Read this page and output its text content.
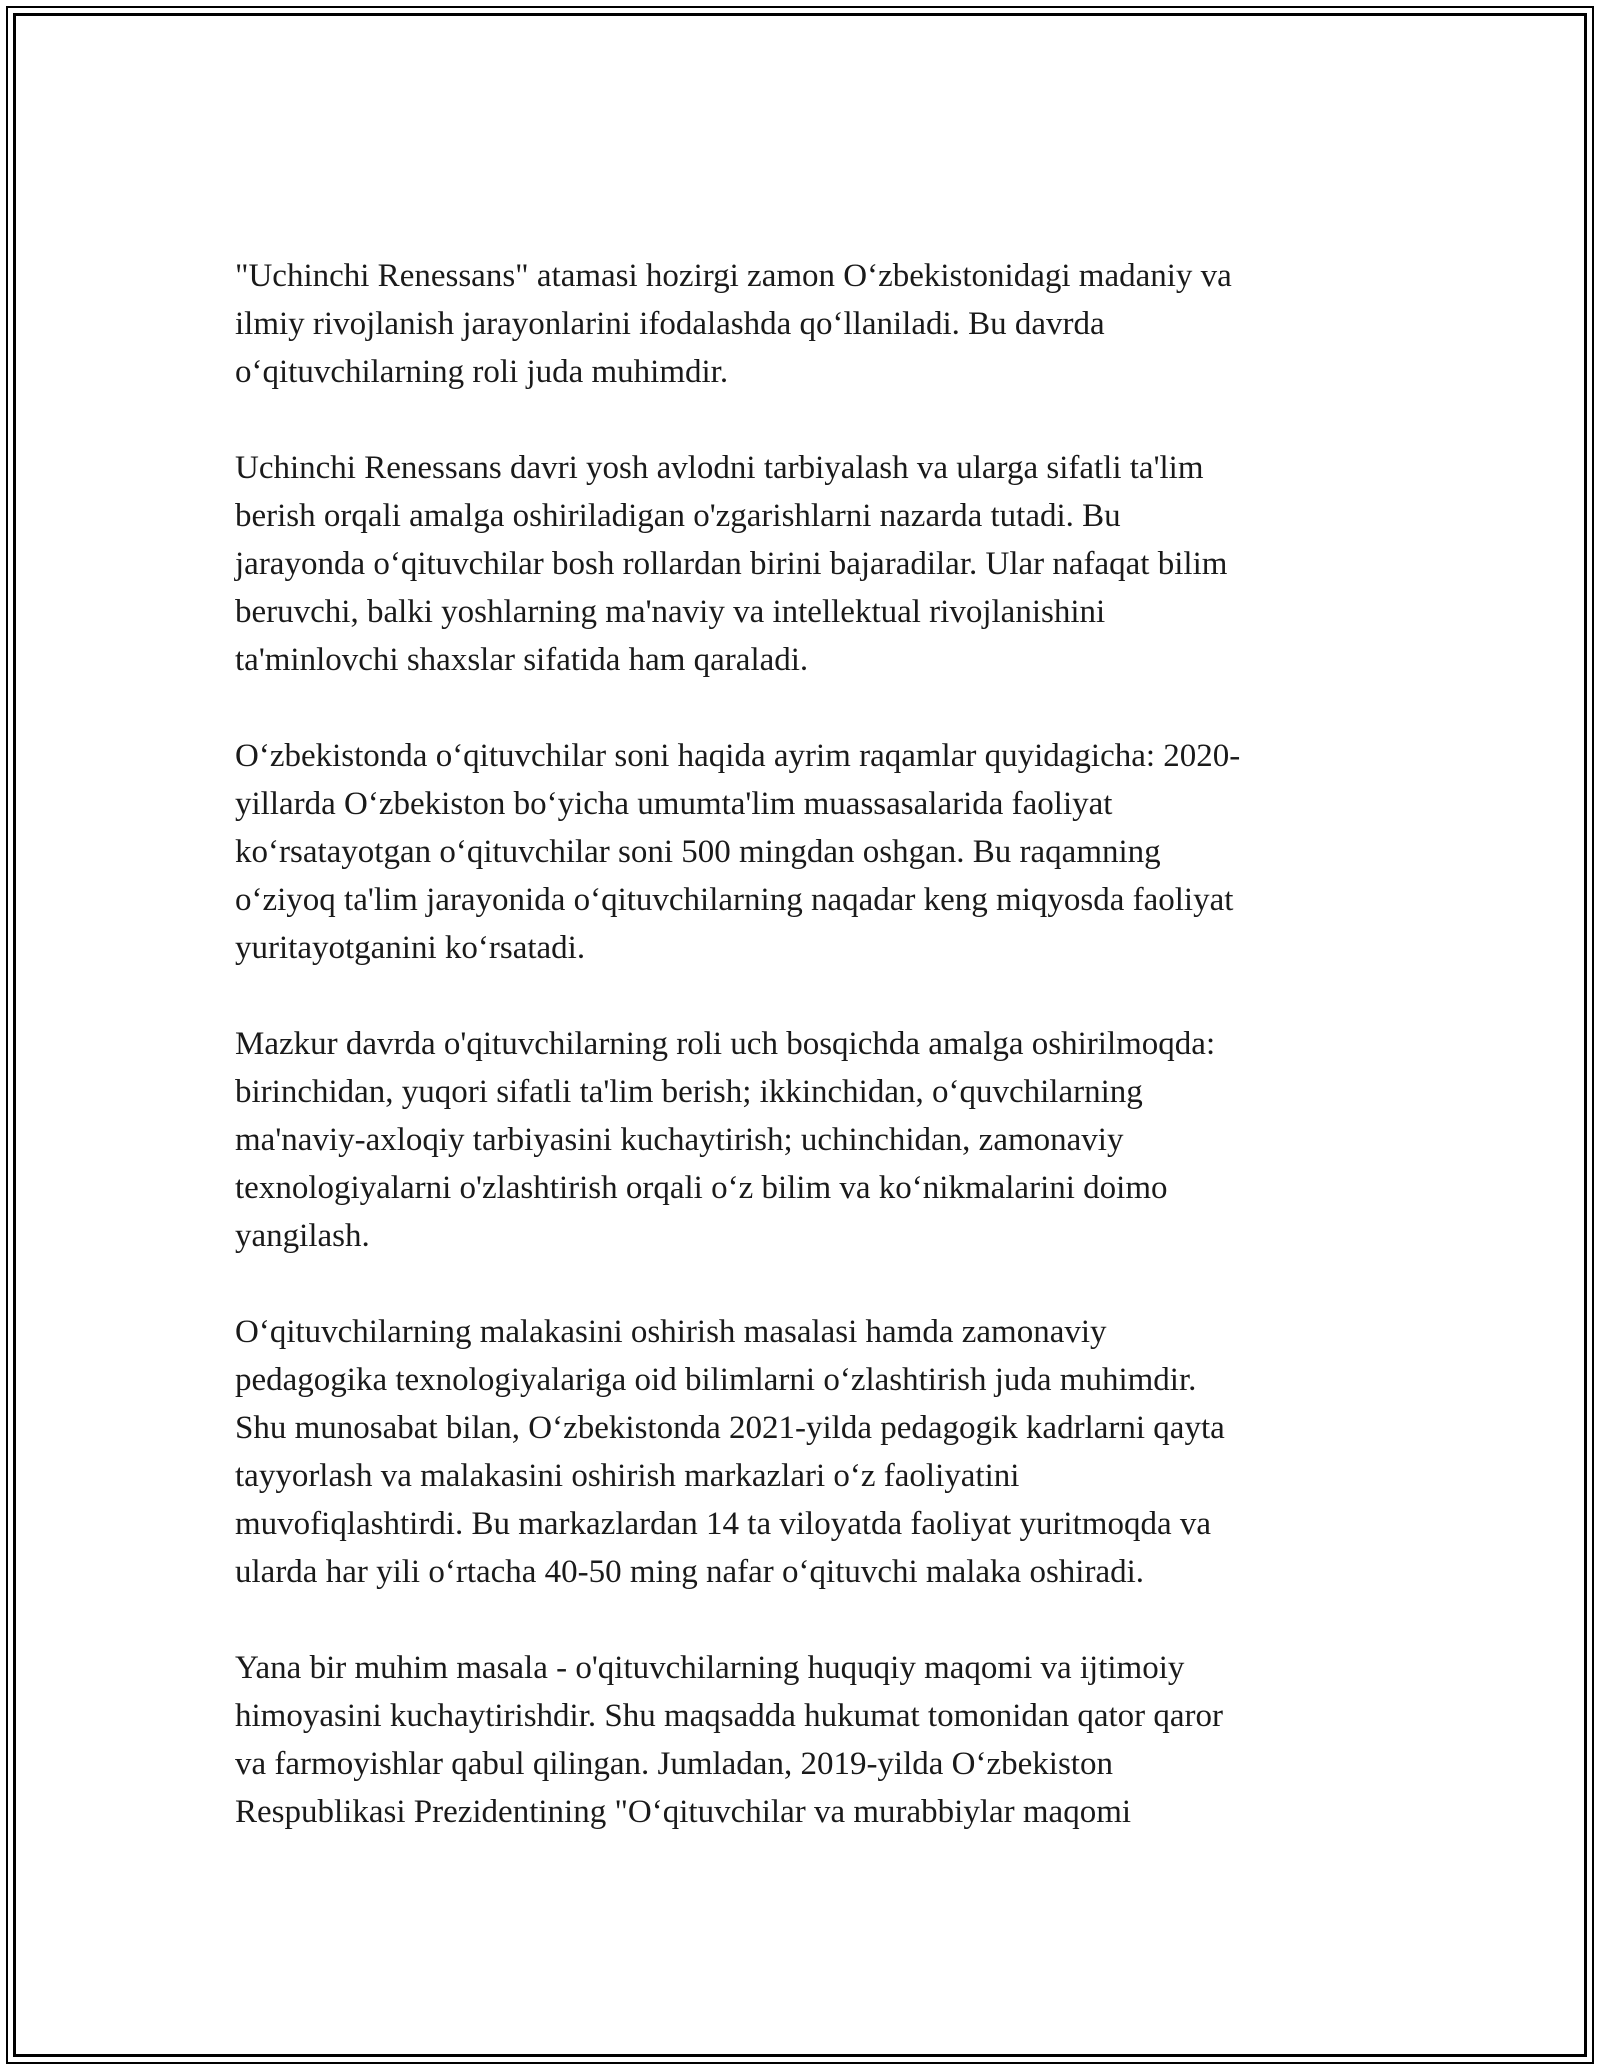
"Uchinchi Renessans" atamasi hozirgi zamon O‘zbekistonidagi madaniy va
ilmiy rivojlanish jarayonlarini ifodalashda qo‘llaniladi. Bu davrda
o‘qituvchilarning roli juda muhimdir.

Uchinchi Renessans davri yosh avlodni tarbiyalash va ularga sifatli ta'lim
berish orqali amalga oshiriladigan o'zgarishlarni nazarda tutadi. Bu
jarayonda o‘qituvchilar bosh rollardan birini bajaradilar. Ular nafaqat bilim
beruvchi, balki yoshlarning ma'naviy va intellektual rivojlanishini
ta'minlovchi shaxslar sifatida ham qaraladi.

O‘zbekistonda o‘qituvchilar soni haqida ayrim raqamlar quyidagicha: 2020-
yillarda O‘zbekiston bo‘yicha umumta'lim muassasalarida faoliyat
ko‘rsatayotgan o‘qituvchilar soni 500 mingdan oshgan. Bu raqamning
o‘ziyoq ta'lim jarayonida o‘qituvchilarning naqadar keng miqyosda faoliyat
yuritayotganini ko‘rsatadi.

Mazkur davrda o'qituvchilarning roli uch bosqichda amalga oshirilmoqda:
birinchidan, yuqori sifatli ta'lim berish; ikkinchidan, o‘quvchilarning
ma'naviy-axloqiy tarbiyasini kuchaytirish; uchinchidan, zamonaviy
texnologiyalarni o'zlashtirish orqali o‘z bilim va ko‘nikmalarini doimo
yangilash.

O‘qituvchilarning malakasini oshirish masalasi hamda zamonaviy
pedagogika texnologiyalariga oid bilimlarni o‘zlashtirish juda muhimdir.
Shu munosabat bilan, O‘zbekistonda 2021-yilda pedagogik kadrlarni qayta
tayyorlash va malakasini oshirish markazlari o‘z faoliyatini
muvofiqlashtirdi. Bu markazlardan 14 ta viloyatda faoliyat yuritmoqda va
ularda har yili o‘rtacha 40-50 ming nafar o‘qituvchi malaka oshiradi.

Yana bir muhim masala - o'qituvchilarning huquqiy maqomi va ijtimoiy
himoyasini kuchaytirishdir. Shu maqsadda hukumat tomonidan qator qaror
va farmoyishlar qabul qilingan. Jumladan, 2019-yilda O‘zbekiston
Respublikasi Prezidentining "O‘qituvchilar va murabbiylar maqomi
